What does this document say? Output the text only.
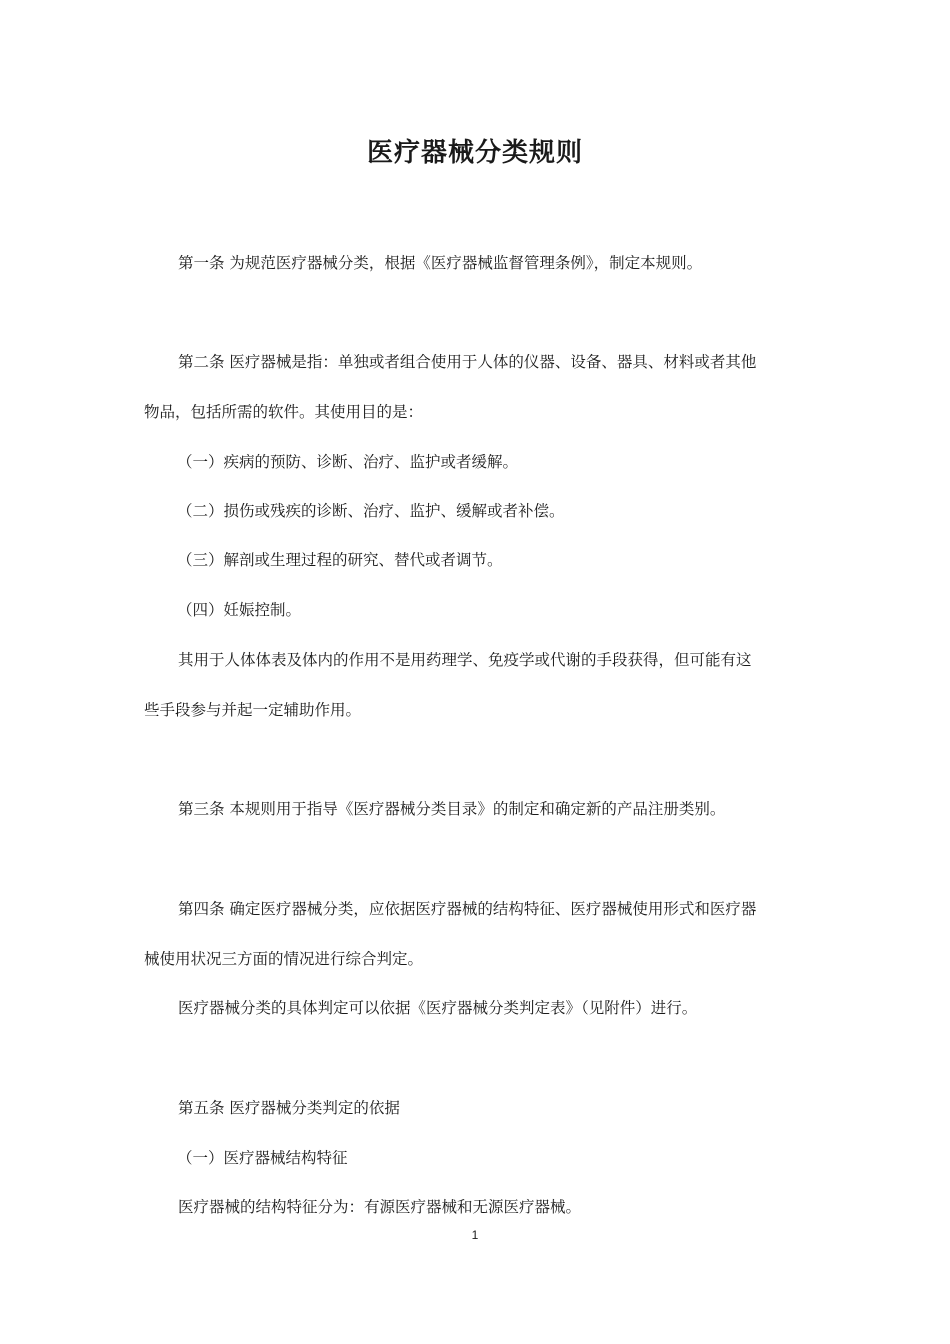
医疗器械分类规则

第一条 为规范医疗器械分类，根据《医疗器械监督管理条例》，制定本规则。

第二条 医疗器械是指：单独或者组合使用于人体的仪器、设备、器具、材料或者其他

物品，包括所需的软件。其使用目的是：

（一）疾病的预防、诊断、治疗、监护或者缓解。

（二）损伤或残疾的诊断、治疗、监护、缓解或者补偿。

（三）解剖或生理过程的研究、替代或者调节。

（四）妊娠控制。

其用于人体体表及体内的作用不是用药理学、免疫学或代谢的手段获得，但可能有这

些手段参与并起一定辅助作用。

第三条 本规则用于指导《医疗器械分类目录》的制定和确定新的产品注册类别。

第四条 确定医疗器械分类，应依据医疗器械的结构特征、医疗器械使用形式和医疗器

械使用状况三方面的情况进行综合判定。

医疗器械分类的具体判定可以依据《医疗器械分类判定表》（见附件）进行。

第五条 医疗器械分类判定的依据

（一）医疗器械结构特征

医疗器械的结构特征分为：有源医疗器械和无源医疗器械。

1
